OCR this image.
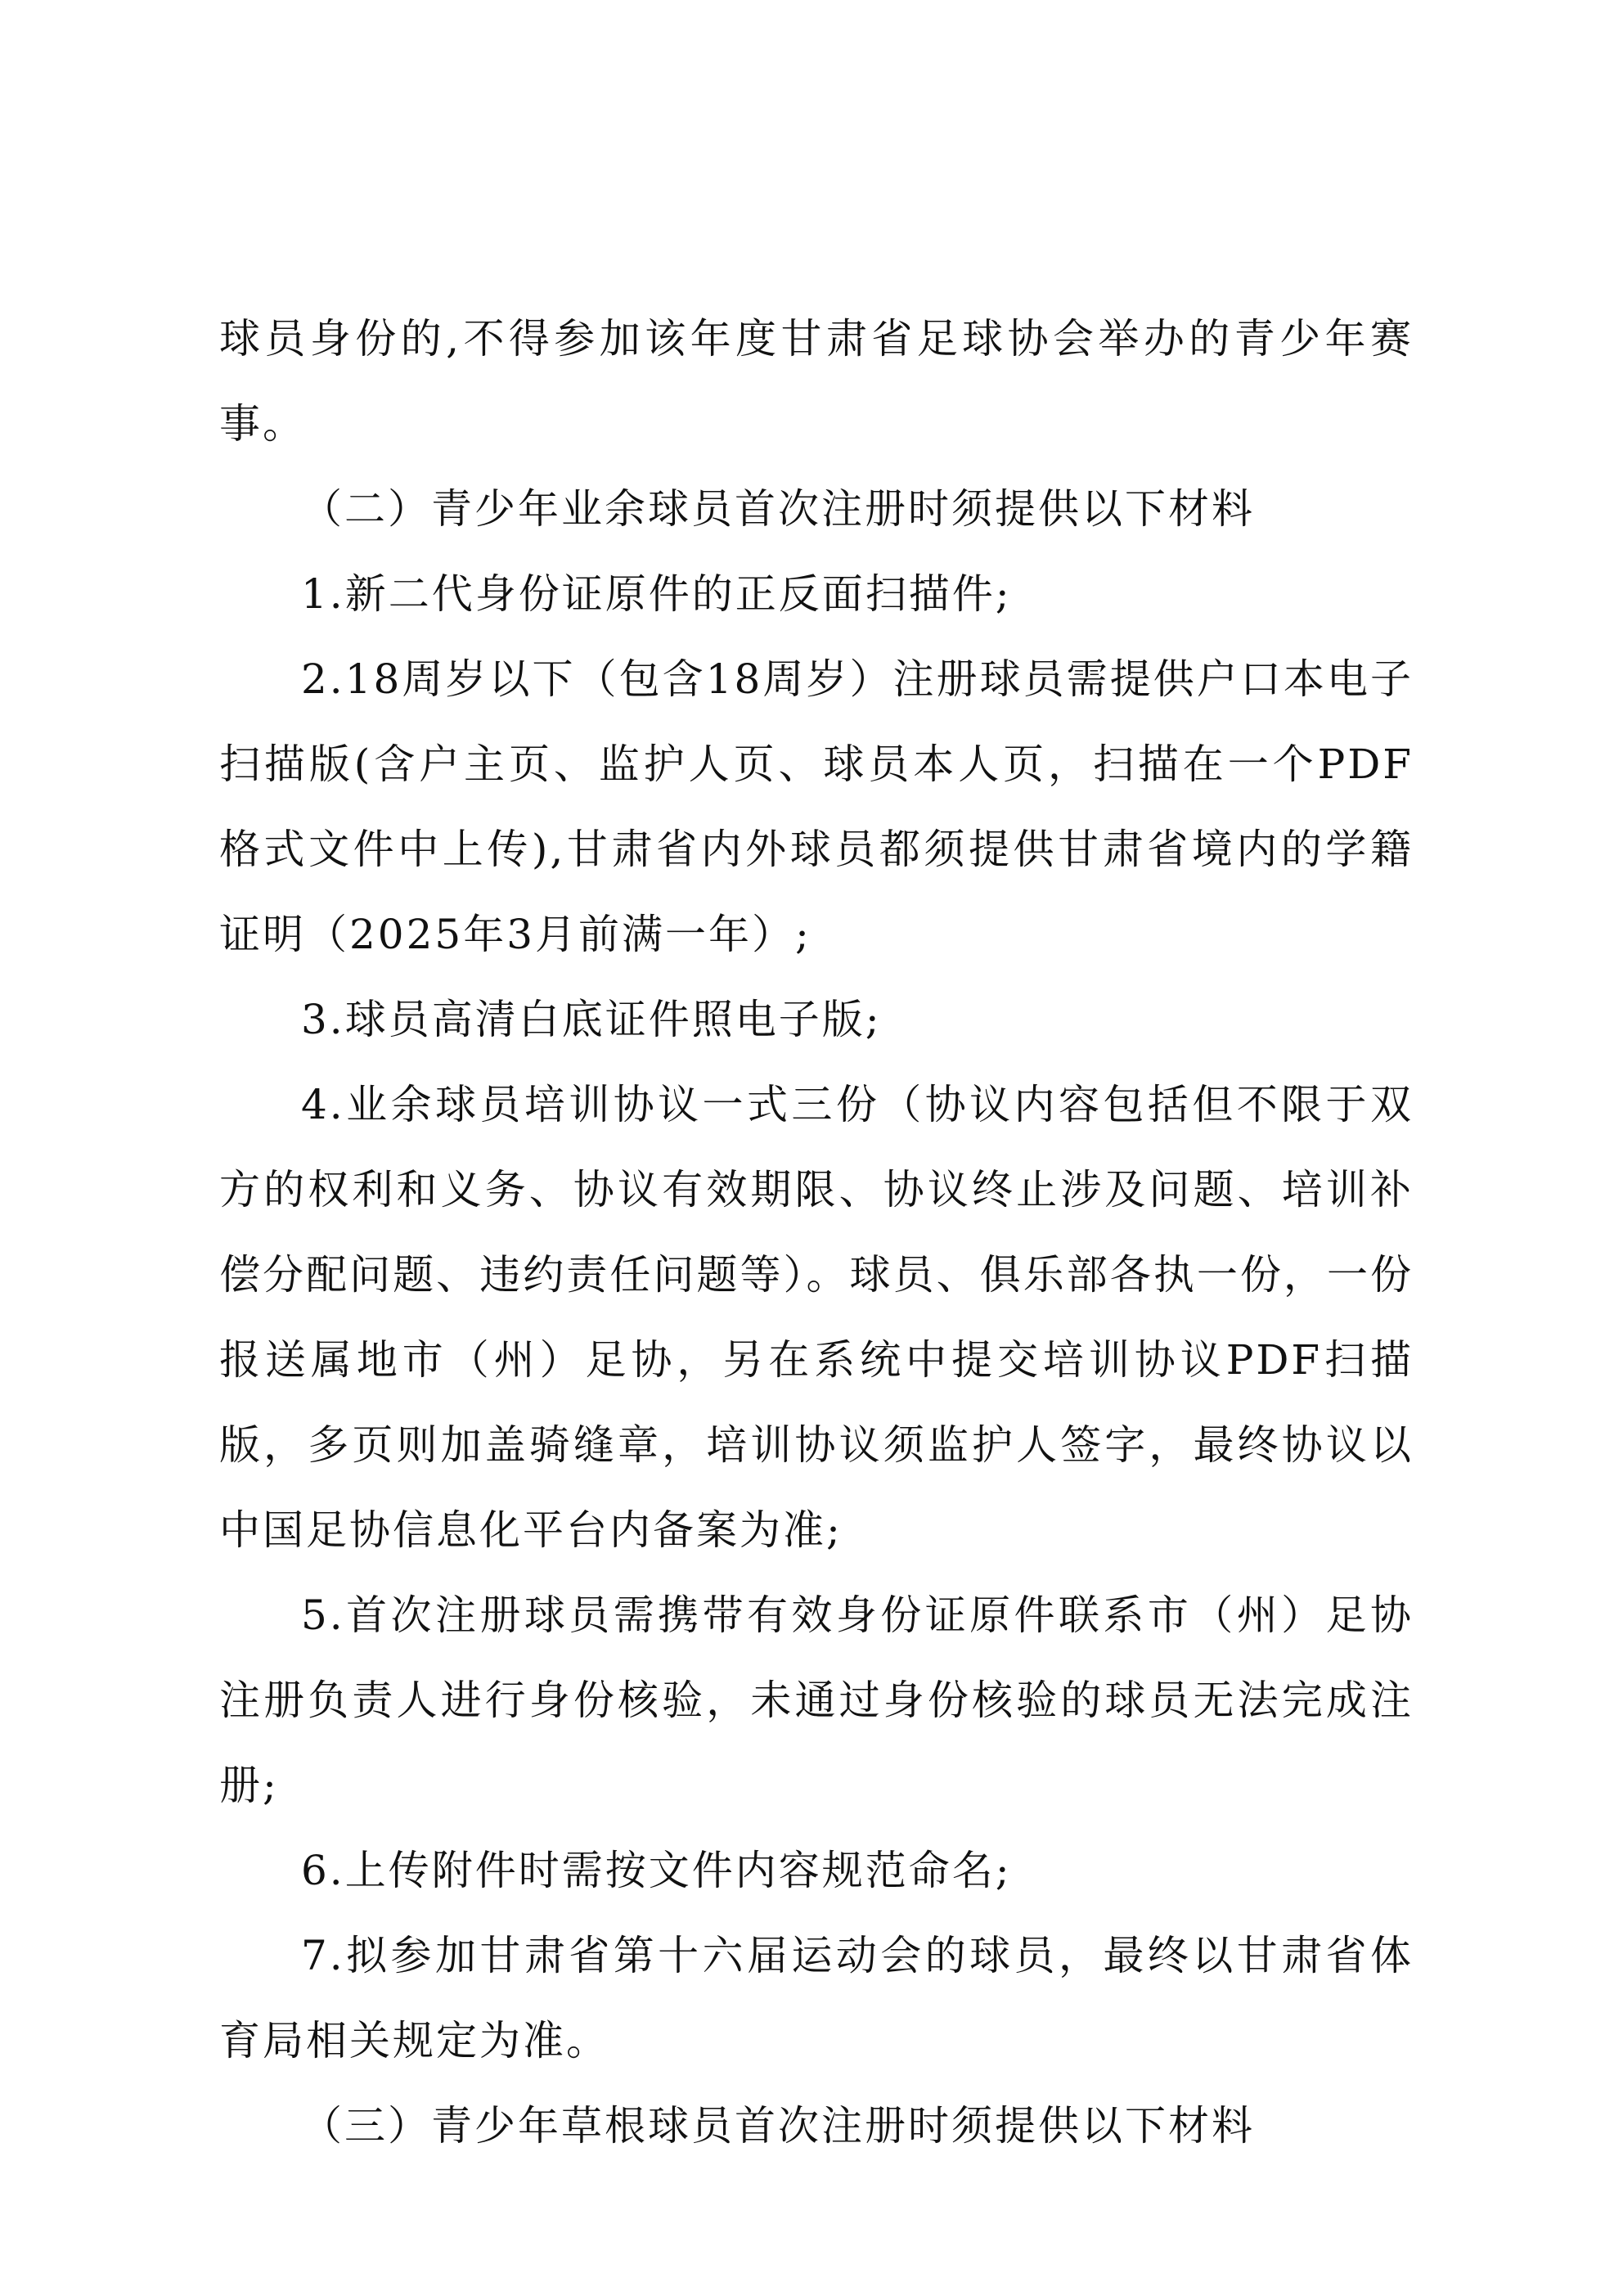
球员身份的,不得参加该年度甘肃省足球协会举办的青少年赛事。

（二）青少年业余球员首次注册时须提供以下材料

1.新二代身份证原件的正反面扫描件;

2.18周岁以下（包含18周岁）注册球员需提供户口本电子扫描版(含户主页、监护人页、球员本人页，扫描在一个PDF格式文件中上传),甘肃省内外球员都须提供甘肃省境内的学籍证明（2025年3月前满一年）;

3.球员高清白底证件照电子版;

4.业余球员培训协议一式三份（协议内容包括但不限于双方的权利和义务、协议有效期限、协议终止涉及问题、培训补偿分配问题、违约责任问题等）。球员、俱乐部各执一份，一份报送属地市（州）足协，另在系统中提交培训协议PDF扫描版，多页则加盖骑缝章，培训协议须监护人签字，最终协议以中国足协信息化平台内备案为准;

5.首次注册球员需携带有效身份证原件联系市（州）足协注册负责人进行身份核验，未通过身份核验的球员无法完成注册;

6.上传附件时需按文件内容规范命名;

7.拟参加甘肃省第十六届运动会的球员，最终以甘肃省体育局相关规定为准。

（三）青少年草根球员首次注册时须提供以下材料
